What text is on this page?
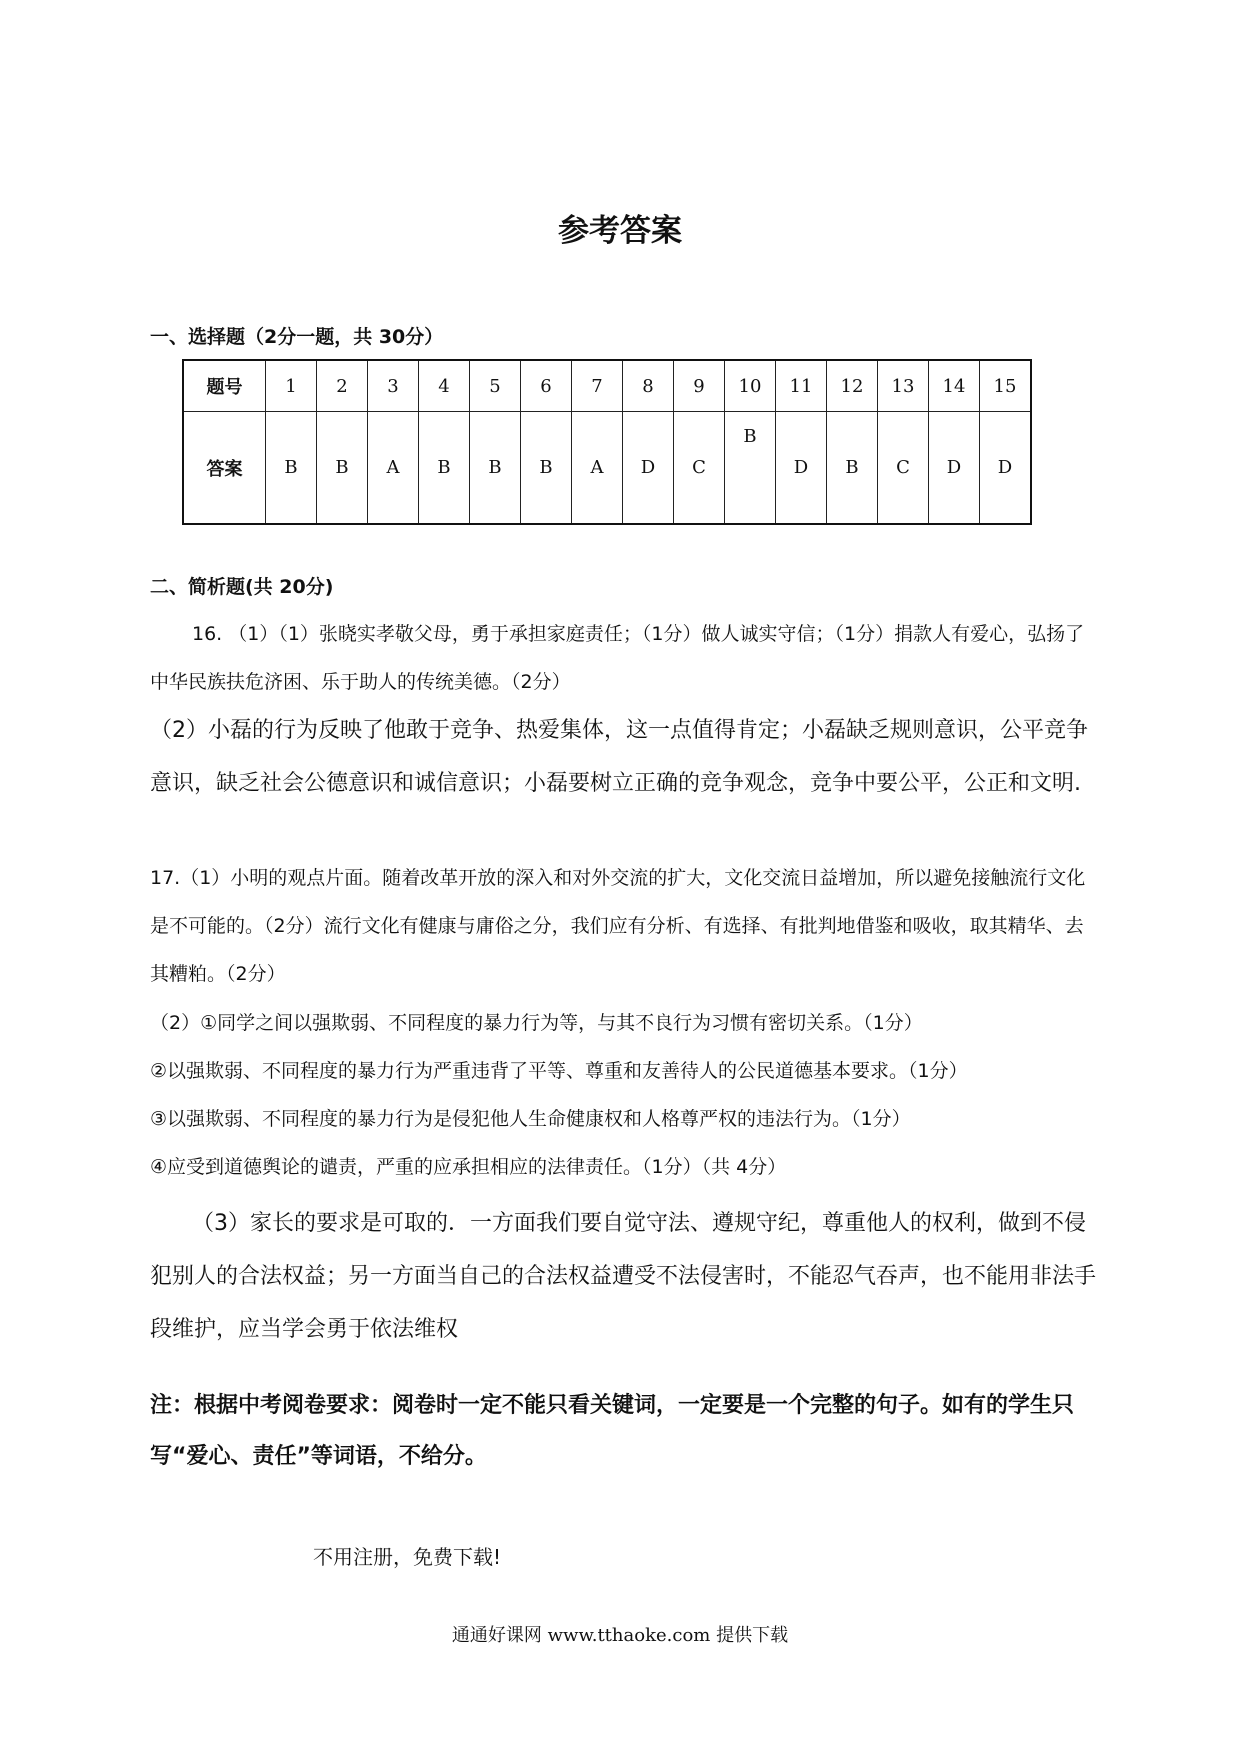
参考答案
一、选择题（2分一题，共 30分）
题号	1	2	3	4	5	6	7	8	9	10	11	12	13	14	15
答案	B	B	A	B	B	B	A	D	C	B	D	B	C	D	D
二、简析题(共 20分)
16. （1）（1）张晓实孝敬父母，勇于承担家庭责任；（1分）做人诚实守信；（1分）捐款人有爱心，弘扬了中华民族扶危济困、乐于助人的传统美德。（2分）
（2）小磊的行为反映了他敢于竞争、热爱集体，这一点值得肯定；小磊缺乏规则意识，公平竞争意识，缺乏社会公德意识和诚信意识；小磊要树立正确的竞争观念，竞争中要公平，公正和文明.
17.（1）小明的观点片面。随着改革开放的深入和对外交流的扩大，文化交流日益增加，所以避免接触流行文化是不可能的。（2分）流行文化有健康与庸俗之分，我们应有分析、有选择、有批判地借鉴和吸收，取其精华、去其糟粕。（2分）
（2）①同学之间以强欺弱、不同程度的暴力行为等，与其不良行为习惯有密切关系。（1分）
②以强欺弱、不同程度的暴力行为严重违背了平等、尊重和友善待人的公民道德基本要求。（1分）
③以强欺弱、不同程度的暴力行为是侵犯他人生命健康权和人格尊严权的违法行为。（1分）
④应受到道德舆论的谴责，严重的应承担相应的法律责任。（1分）（共 4分）
（3）家长的要求是可取的．一方面我们要自觉守法、遵规守纪，尊重他人的权利，做到不侵犯别人的合法权益；另一方面当自己的合法权益遭受不法侵害时，不能忍气吞声，也不能用非法手段维护，应当学会勇于依法维权
注：根据中考阅卷要求：阅卷时一定不能只看关键词，一定要是一个完整的句子。如有的学生只写“爱心、责任”等词语，不给分。
不用注册，免费下载!
通通好课网 www.tthaoke.com 提供下载
